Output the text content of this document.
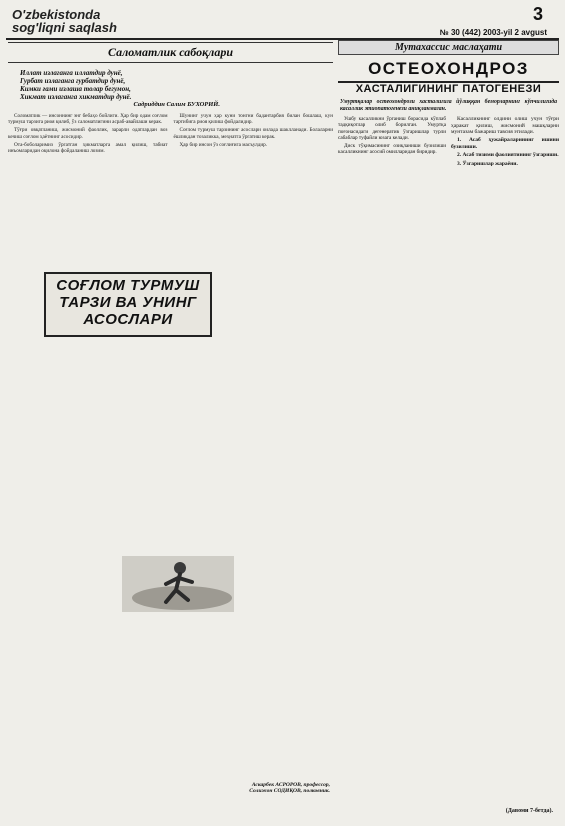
O'zbekistonda
sog'liqni saqlash
3
№ 30 (442) 2003-yil 2 avgust
Саломатлик сабоқлари
Иллат излаганга иллатдир дунё,
Гурбат излаганга гурбатдир дунё,
Кимки ғами излаша толар бегумон,
Хикмат излаганга хикматдир дунё.
Садриддин Салим БУХОРИЙ.

Соломатлик — инсоннинг энг бебаҳо бойлиги. Ҳар бир одам соғлом турмуш тарзига риоя қилиб, ўз саломатлигини асраб-авайлаши керак.

Тўғри овқатланиш, жисмоний фаоллик, зарарли одатлардан воз кечиш соғлом ҳаётнинг асосидир.

Ота-боболаримиз ўргатган ҳикматларга амал қилиш, табиат инъомларидан оқилона фойдаланиш лозим.

Шунинг учун ҳар куни тонгни бадантарбия билан бошлаш, кун тартибига риоя қилиш фойдалидир.

Соғлом турмуш тарзининг асослари оилада шаклланади. Болаларни ёшликдан тозаликка, меҳнатга ўргатиш керак.

Ҳар бир инсон ўз соғлиғига масъулдир.

СОҒЛОМ ТУРМУШ
ТАРЗИ ВА УНИНГ
АСОСЛАРИ
Аскарбек АСРОРОВ, профессор, Солижон СОДИҚОВ, полковник.
Мутахассис маслаҳати
ОСТЕОХОНДРОЗ
ХАСТАЛИГИНИНГ ПАТОГЕНЕЗИ
Умуртқалар остеохондрози хасталигига йўлиққан беморларнинг кўпчилигида касаллик этиопатогенези аниқланмаган.

Ушбу касалликни ўрганиш борасида кўплаб тадқиқотлар олиб борилган. Умуртқа поғонасидаги дегенератив ўзгаришлар турли сабаблар туфайли юзага келади.

Диск тўқимасининг озиқланиши бузилиши касалликнинг асосий омилларидан биридир.

Касалликнинг олдини олиш учун тўғри ҳаракат қилиш, жисмоний машқларни мунтазам бажариш тавсия этилади.

1. Асаб ҳужайраларининг ишини бузилиши.

2. Асаб тизими фаолиятининг ўзгариши.

3. Ўзгаришлар жараёни.

(Давоми 7-бетда).
